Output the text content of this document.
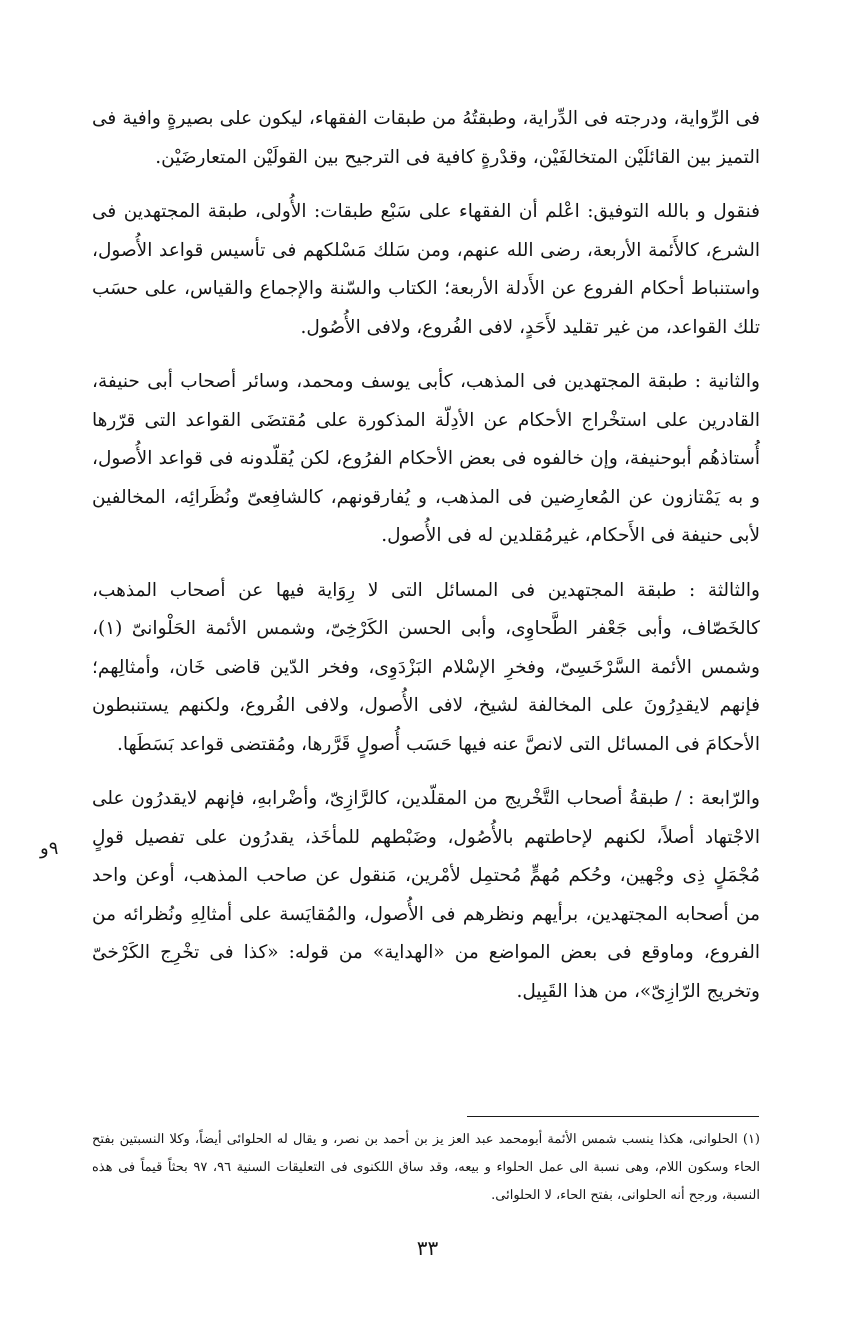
فى الرِّواية، ودرجته فى الدِّراية، وطبقتُهُ من طبقات الفقهاء، ليكون على بصيرةٍ وافية فى التميز بين القائلَيْن المتخالفَيْن، وقدْرةٍ كافية فى الترجيح بين القولَيْن المتعارضَيْن.

فنقول و بالله التوفيق: اعْلم أن الفقهاء على سَبْع طبقات: الأُولى، طبقة المجتهدين فى الشرع، كالأَئمة الأربعة، رضى الله عنهم، ومن سَلك مَسْلكهم فى تأسيس قواعد الأُصول، واستنباط أحكام الفروع عن الأَدلة الأربعة؛ الكتاب والسّنة والإجماع والقياس، على حسَب تلك القواعد، من غير تقليد لأَحَدٍ، لافى الفُروع، ولافى الأُصُول.

والثانية : طبقة المجتهدين فى المذهب، كأبى يوسف ومحمد، وسائر أصحاب أبى حنيفة، القادرين على استخْراج الأحكام عن الأدِلّة المذكورة على مُقتضَى القواعد التى قرّرها أُستاذهُم أبوحنيفة، وإن خالفوه فى بعض الأحكام الفرُوع، لكن يُقلّدونه فى قواعد الأُصول، و به يَمْتازون عن المُعارِضين فى المذهب، و يُفارقونهم، كالشافِعىّ ونُظَرائِه، المخالفين لأبى حنيفة فى الأَحكام، غيرمُقلدين له فى الأُصول.

والثالثة : طبقة المجتهدين فى المسائل التى لا رِوَاية فيها عن أصحاب المذهب، كالخَصّاف، وأبى جَعْفر الطَّحاوِى، وأبى الحسن الكَرْخِىّ، وشمس الأئمة الحَلْوانىّ (١)، وشمس الأئمة السَّرْخَسِىّ، وفخرِ الإسْلام البَزْدَوِى، وفخر الدّين قاضى خَان، وأمثالِهم؛ فإنهم لايقدِرُونَ على المخالفة لشيخ، لافى الأُصول، ولافى الفُروع، ولكنهم يستنبطون الأحكامَ فى المسائل التى لانصَّ عنه فيها حَسَب أُصولٍ قَرَّرها، ومُقتضى قواعد بَسَطَها.

والرّابعة : / طبقةُ أصحاب التَّخْريج من المقلّدين، كالرَّازِىّ، وأضْرابهِ، فإنهم لايقدرُون على الاجْتهاد أصلاً، لكنهم لإحاطتهم بالأُصُول، وضَبْطهم للمأخَذ، يقدرُون على تفصيل قولٍ مُجْمَلٍ ذِى وجْهين، وحُكم مُهمٍّ مُحتمِل لأمْرين، مَنقول عن صاحب المذهب، أوعن واحد من أصحابه المجتهدين، برأيهم ونظرهم فى الأُصول، والمُقايَسة على أمثالِهِ ونُظرائه من الفروع، وماوقع فى بعض المواضع من «الهداية» من قوله: «كذا فى تخْرِج الكَرْخىّ وتخريج الرّازِىّ»، من هذا القَبِيل.

٩و

(١) الحلوانى، هكذا ينسب شمس الأئمة أبومحمد عبد العز يز بن أحمد بن نصر، و يقال له الحلوائى أيضاً، وكلا النسبتين بفتح الحاء وسكون اللام، وهى نسبة الى عمل الحلواء و بيعه، وقد ساق اللكنوى فى التعليقات السنية ٩٦، ٩٧ بحثاً قيماً فى هذه النسبة، ورجح أنه الحلوانى، بفتح الحاء، لا الحلوائى.

٣٣
